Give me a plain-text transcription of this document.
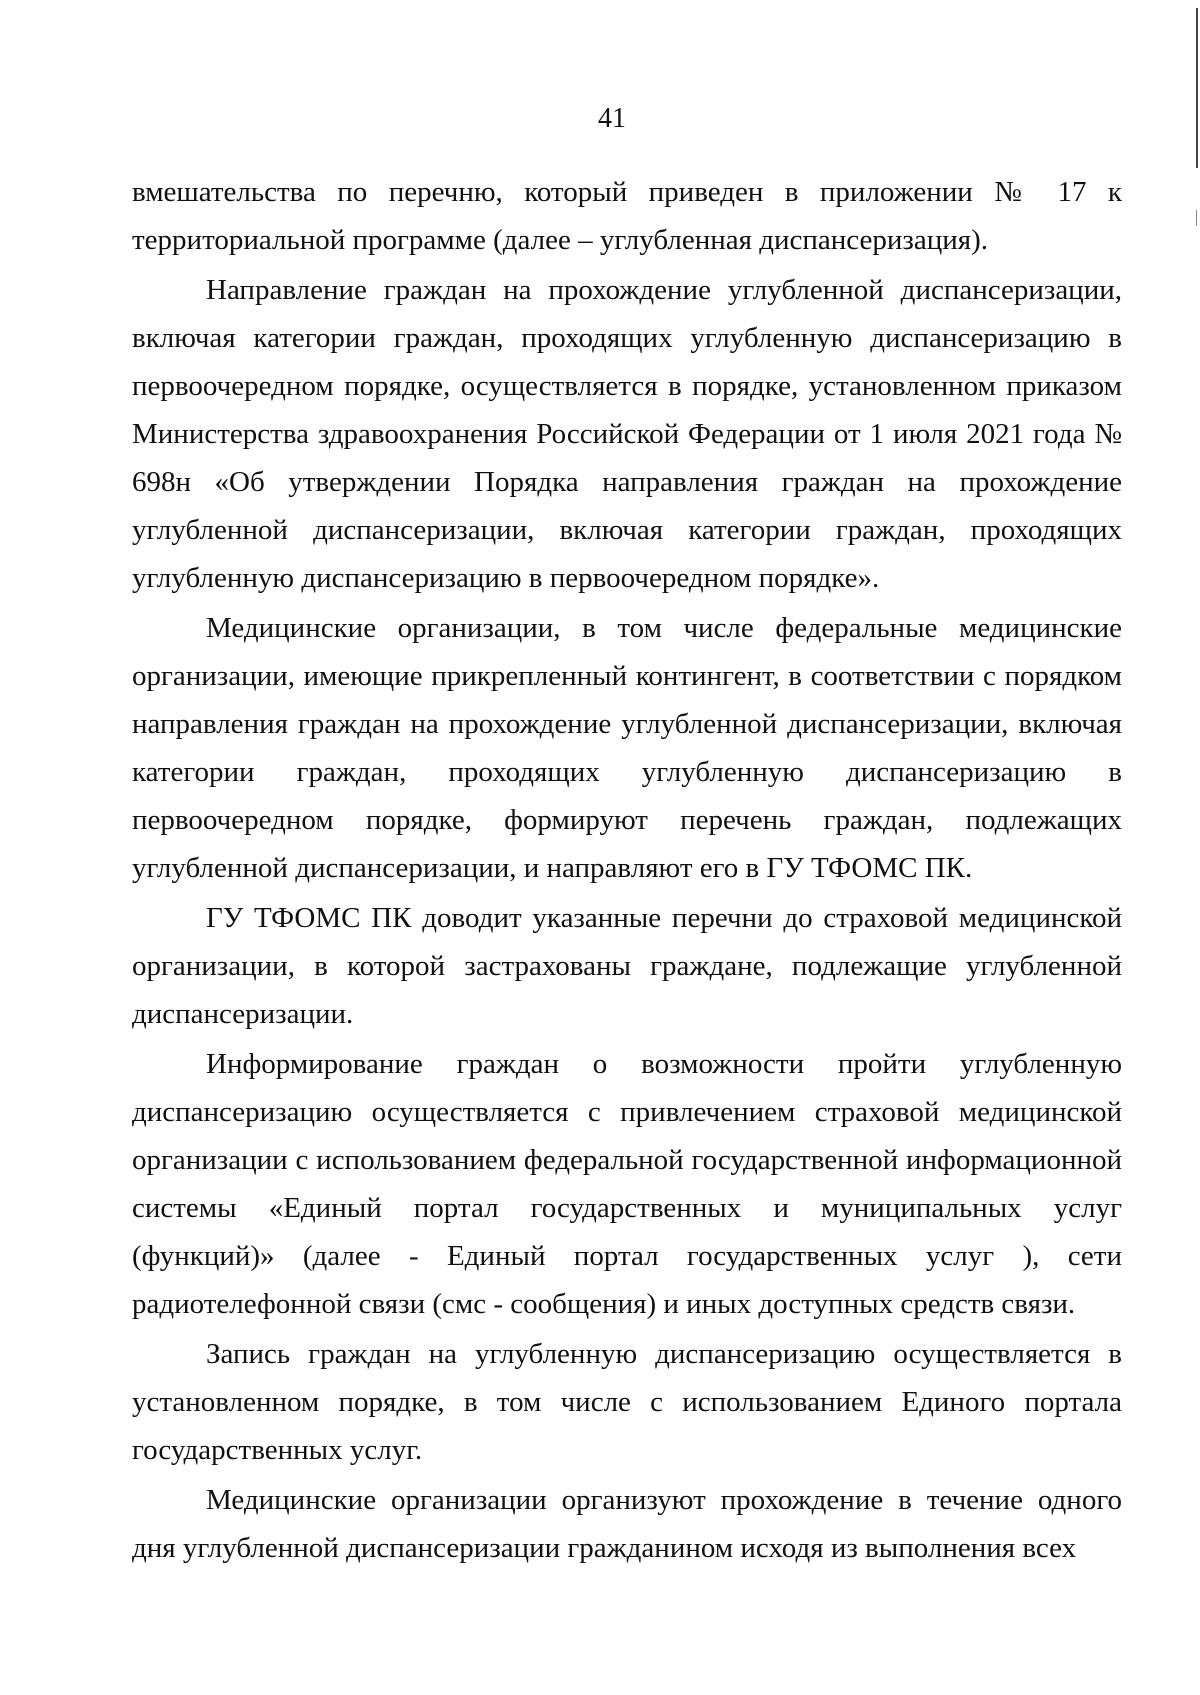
41

вмешательства по перечню, который приведен в приложении № 17 к территориальной программе (далее – углубленная диспансеризация).

Направление граждан на прохождение углубленной диспансеризации, включая категории граждан, проходящих углубленную диспансеризацию в первоочередном порядке, осуществляется в порядке, установленном приказом Министерства здравоохранения Российской Федерации от 1 июля 2021 года № 698н «Об утверждении Порядка направления граждан на прохождение углубленной диспансеризации, включая категории граждан, проходящих углубленную диспансеризацию в первоочередном порядке».

Медицинские организации, в том числе федеральные медицинские организации, имеющие прикрепленный контингент, в соответствии с порядком направления граждан на прохождение углубленной диспансеризации, включая категории граждан, проходящих углубленную диспансеризацию в первоочередном порядке, формируют перечень граждан, подлежащих углубленной диспансеризации, и направляют его в ГУ ТФОМС ПК.

ГУ ТФОМС ПК доводит указанные перечни до страховой медицинской организации, в которой застрахованы граждане, подлежащие углубленной диспансеризации.

Информирование граждан о возможности пройти углубленную диспансеризацию осуществляется с привлечением страховой медицинской организации с использованием федеральной государственной информационной системы «Единый портал государственных и муниципальных услуг (функций)» (далее - Единый портал государственных услуг ), сети радиотелефонной связи (смс - сообщения) и иных доступных средств связи.

Запись граждан на углубленную диспансеризацию осуществляется в установленном порядке, в том числе с использованием Единого портала государственных услуг.

Медицинские организации организуют прохождение в течение одного дня углубленной диспансеризации гражданином исходя из выполнения всех
